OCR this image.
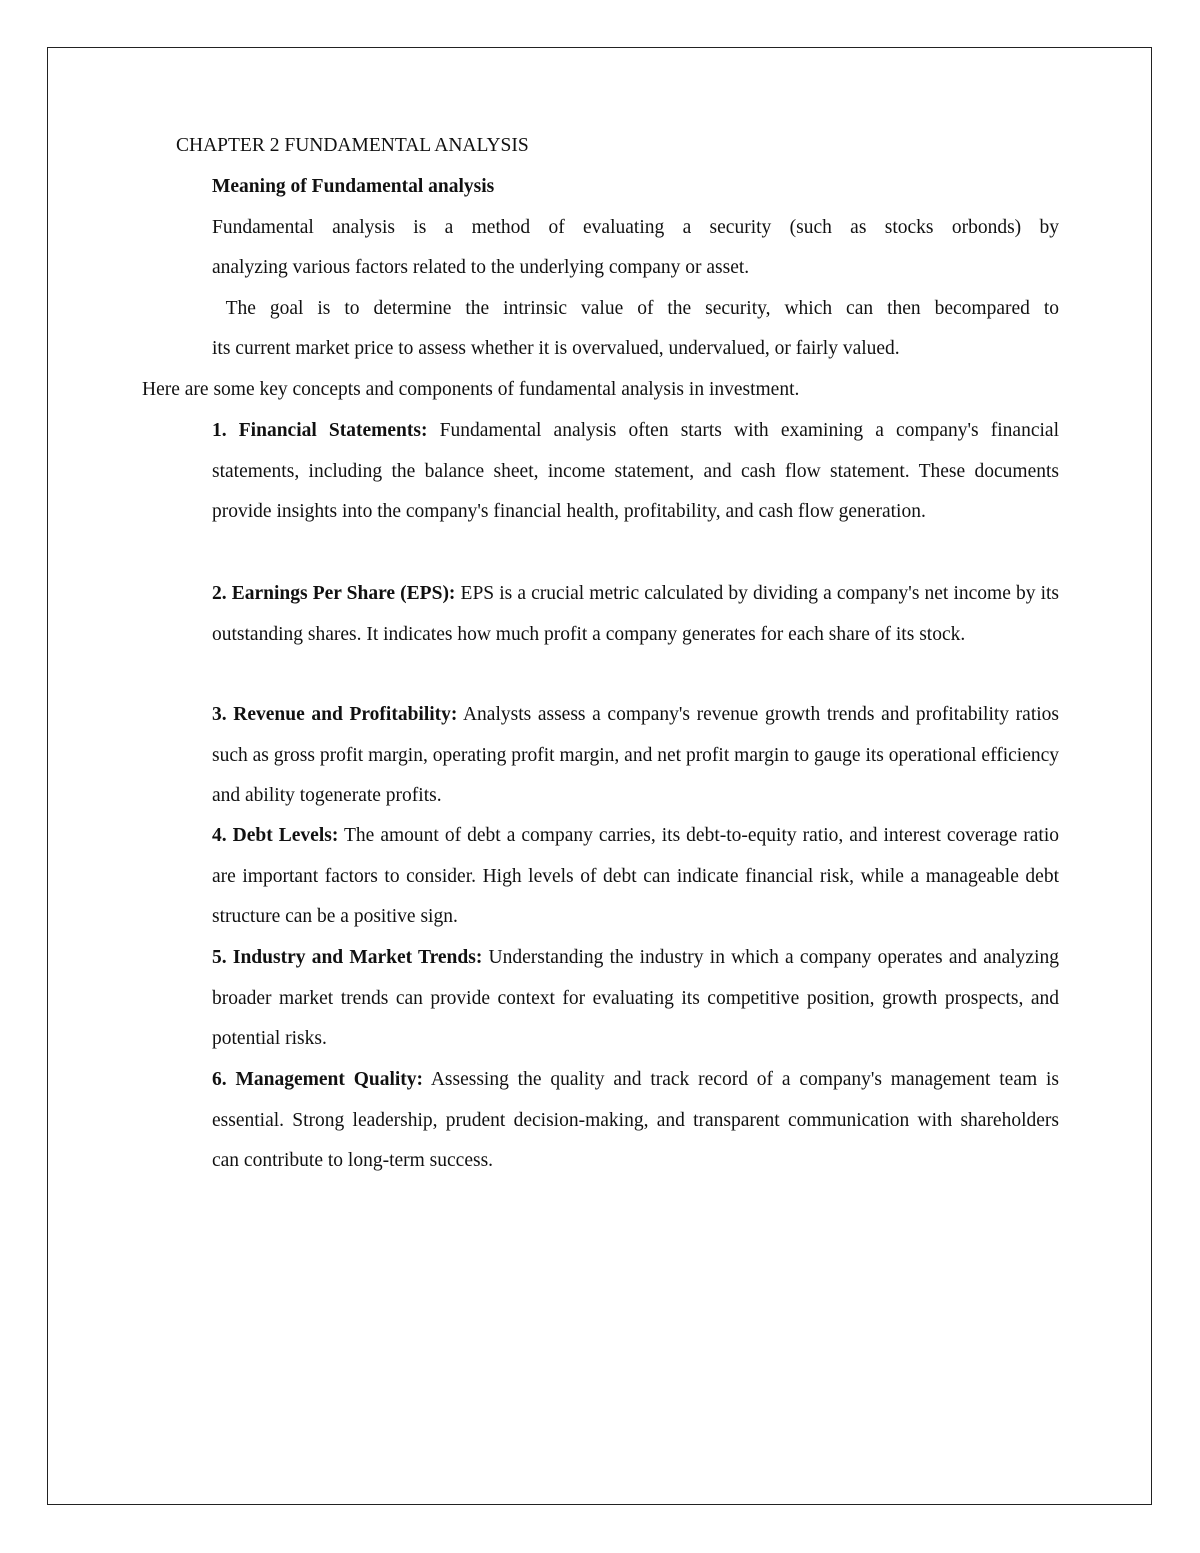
CHAPTER 2 FUNDAMENTAL ANALYSIS
Meaning of Fundamental analysis
Fundamental analysis is a method of evaluating a security (such as stocks orbonds) by
analyzing various factors related to the underlying company or asset.
The goal is to determine the intrinsic value of the security, which can then becompared to
its current market price to assess whether it is overvalued, undervalued, or fairly valued.
Here are some key concepts and components of fundamental analysis in investment.
1. Financial Statements: Fundamental analysis often starts with examining a company's financial statements, including the balance sheet, income statement, and cash flow statement. These documents provide insights into the company's financial health, profitability, and cash flow generation.
2. Earnings Per Share (EPS): EPS is a crucial metric calculated by dividing a company's net income by its outstanding shares. It indicates how much profit a company generates for each share of its stock.
3. Revenue and Profitability: Analysts assess a company's revenue growth trends and profitability ratios such as gross profit margin, operating profit margin, and net profit margin to gauge its operational efficiency and ability togenerate profits.
4. Debt Levels: The amount of debt a company carries, its debt-to-equity ratio, and interest coverage ratio are important factors to consider. High levels of debt can indicate financial risk, while a manageable debt structure can be a positive sign.
5. Industry and Market Trends: Understanding the industry in which a company operates and analyzing broader market trends can provide context for evaluating its competitive position, growth prospects, and potential risks.
6. Management Quality: Assessing the quality and track record of a company's management team is essential. Strong leadership, prudent decision-making, and transparent communication with shareholders can contribute to long-term success.
